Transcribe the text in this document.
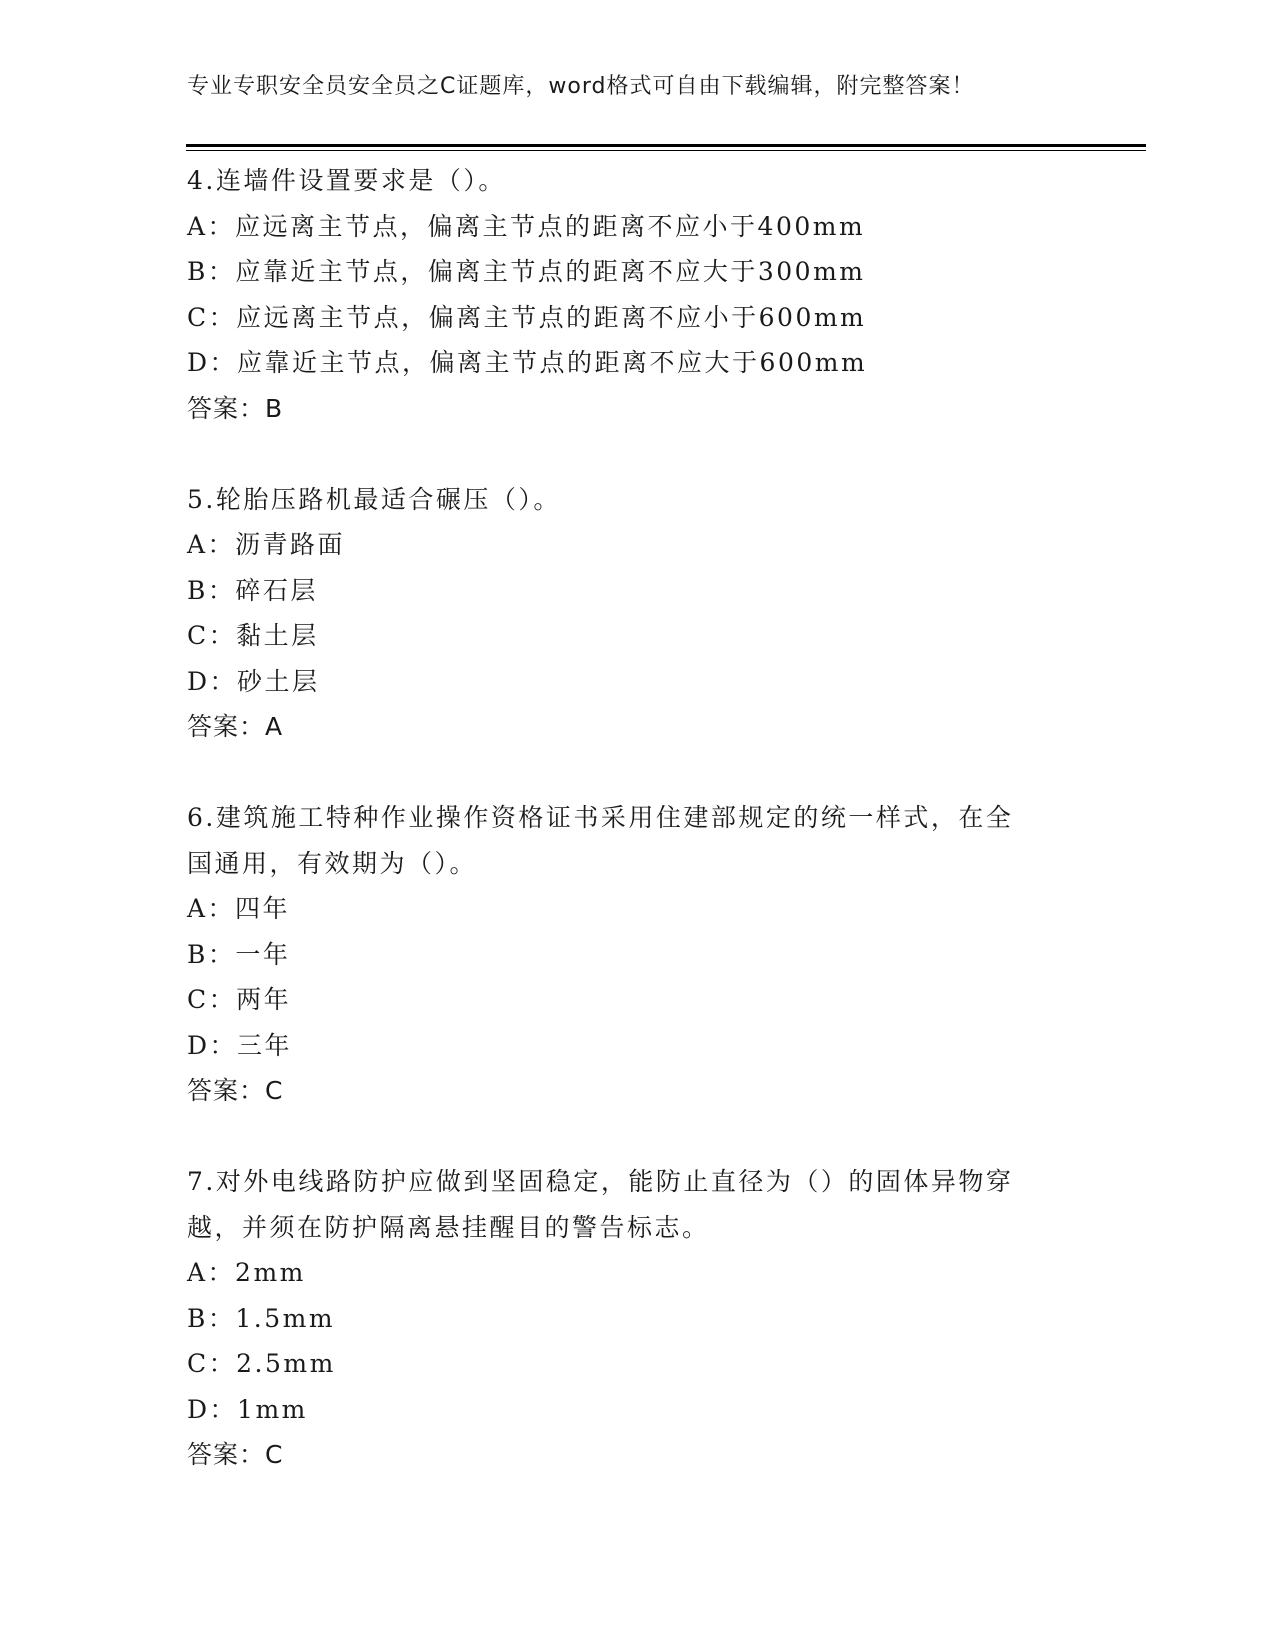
专业专职安全员安全员之C证题库，word格式可自由下载编辑，附完整答案！
4.连墙件设置要求是（）。
A：应远离主节点，偏离主节点的距离不应小于400mm
B：应靠近主节点，偏离主节点的距离不应大于300mm
C：应远离主节点，偏离主节点的距离不应小于600mm
D：应靠近主节点，偏离主节点的距离不应大于600mm
答案：B
5.轮胎压路机最适合碾压（）。
A：沥青路面
B：碎石层
C：黏土层
D：砂土层
答案：A
6.建筑施工特种作业操作资格证书采用住建部规定的统一样式，在全
国通用，有效期为（）。
A：四年
B：一年
C：两年
D：三年
答案：C
7.对外电线路防护应做到坚固稳定，能防止直径为（）的固体异物穿
越，并须在防护隔离悬挂醒目的警告标志。
A：2mm
B：1.5mm
C：2.5mm
D：1mm
答案：C
